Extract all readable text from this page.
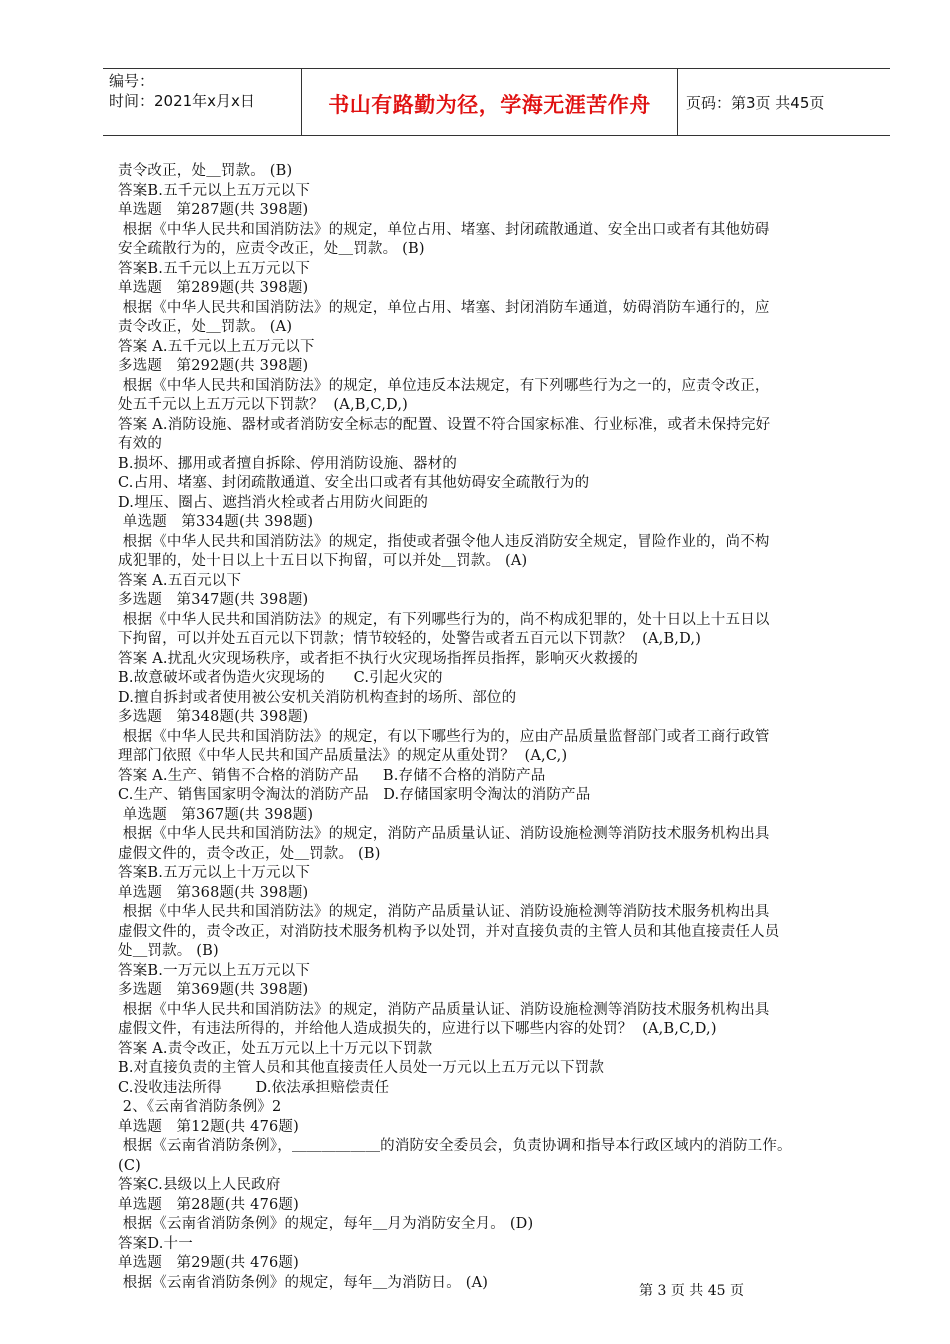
编号：
时间：2021年x月x日	书山有路勤为径，学海无涯苦作舟	页码：第3页 共45页
责令改正，处＿罚款。 (B)
答案B.五千元以上五万元以下
单选题   第287题(共 398题)
根据《中华人民共和国消防法》的规定，单位占用、堵塞、封闭疏散通道、安全出口或者有其他妨碍
安全疏散行为的，应责令改正，处＿罚款。 (B)
答案B.五千元以上五万元以下
单选题   第289题(共 398题)
根据《中华人民共和国消防法》的规定，单位占用、堵塞、封闭消防车通道，妨碍消防车通行的，应
责令改正，处＿罚款。 (A)
答案 A.五千元以上五万元以下
多选题   第292题(共 398题)
根据《中华人民共和国消防法》的规定，单位违反本法规定，有下列哪些行为之一的，应责令改正，
处五千元以上五万元以下罚款？  (A,B,C,D,)
答案 A.消防设施、器材或者消防安全标志的配置、设置不符合国家标准、行业标准，或者未保持完好
有效的
B.损坏、挪用或者擅自拆除、停用消防设施、器材的
C.占用、堵塞、封闭疏散通道、安全出口或者有其他妨碍安全疏散行为的
D.埋压、圈占、遮挡消火栓或者占用防火间距的
单选题   第334题(共 398题)
根据《中华人民共和国消防法》的规定，指使或者强令他人违反消防安全规定，冒险作业的，尚不构
成犯罪的，处十日以上十五日以下拘留，可以并处＿罚款。 (A)
答案 A.五百元以下
多选题   第347题(共 398题)
根据《中华人民共和国消防法》的规定，有下列哪些行为的，尚不构成犯罪的，处十日以上十五日以
下拘留，可以并处五百元以下罚款；情节较轻的，处警告或者五百元以下罚款？  (A,B,D,)
答案 A.扰乱火灾现场秩序，或者拒不执行火灾现场指挥员指挥，影响灭火救援的
B.故意破坏或者伪造火灾现场的      C.引起火灾的
D.擅自拆封或者使用被公安机关消防机构查封的场所、部位的
多选题   第348题(共 398题)
根据《中华人民共和国消防法》的规定，有以下哪些行为的，应由产品质量监督部门或者工商行政管
理部门依照《中华人民共和国产品质量法》的规定从重处罚？  (A,C,)
答案 A.生产、销售不合格的消防产品     B.存储不合格的消防产品
C.生产、销售国家明令淘汰的消防产品   D.存储国家明令淘汰的消防产品
单选题   第367题(共 398题)
根据《中华人民共和国消防法》的规定，消防产品质量认证、消防设施检测等消防技术服务机构出具
虚假文件的，责令改正，处＿罚款。 (B)
答案B.五万元以上十万元以下
单选题   第368题(共 398题)
根据《中华人民共和国消防法》的规定，消防产品质量认证、消防设施检测等消防技术服务机构出具
虚假文件的，责令改正，对消防技术服务机构予以处罚，并对直接负责的主管人员和其他直接责任人员
处＿罚款。 (B)
答案B.一万元以上五万元以下
多选题   第369题(共 398题)
根据《中华人民共和国消防法》的规定，消防产品质量认证、消防设施检测等消防技术服务机构出具
虚假文件，有违法所得的，并给他人造成损失的，应进行以下哪些内容的处罚？  (A,B,C,D,)
答案 A.责令改正，处五万元以上十万元以下罚款
B.对直接负责的主管人员和其他直接责任人员处一万元以上五万元以下罚款
C.没收违法所得       D.依法承担赔偿责任
2、《云南省消防条例》2
单选题   第12题(共 476题)
根据《云南省消防条例》，＿＿＿＿＿＿的消防安全委员会，负责协调和指导本行政区域内的消防工作。
(C)
答案C.县级以上人民政府
单选题   第28题(共 476题)
根据《云南省消防条例》的规定，每年＿月为消防安全月。 (D)
答案D.十一
单选题   第29题(共 476题)
根据《云南省消防条例》的规定，每年＿为消防日。 (A)
第 3 页 共 45 页
